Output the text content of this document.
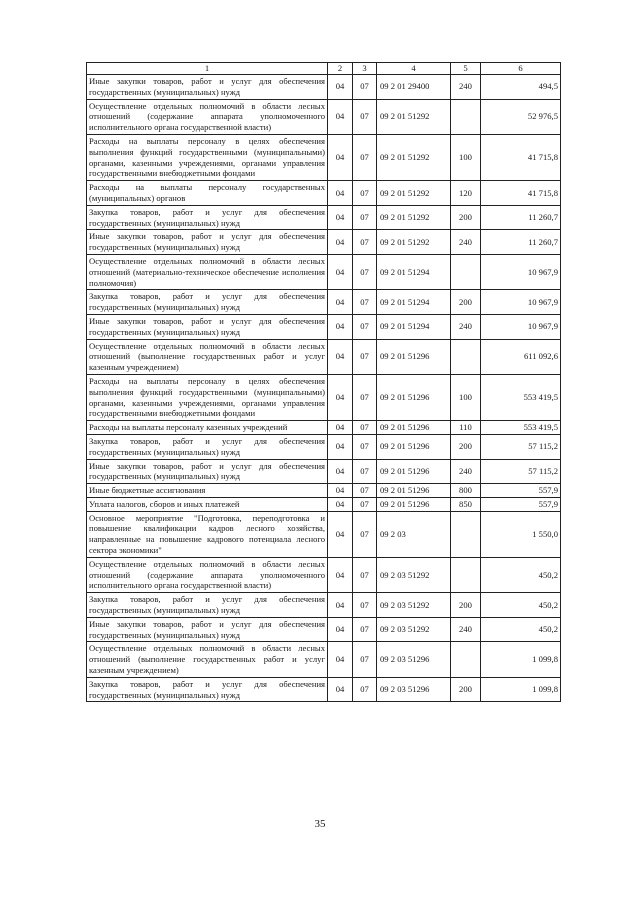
1	2	3	4	5	6
Иные закупки товаров, работ и услуг для обеспечения государственных (муниципальных) нужд	04	07	09 2 01 29400	240	494,5
Осуществление отдельных полномочий в области лесных отношений (содержание аппарата уполномоченного исполнительного органа государственной власти)	04	07	09 2 01 51292		52 976,5
Расходы на выплаты персоналу в целях обеспечения выполнения функций государственными (муниципальными) органами, казенными учреждениями, органами управления государственными внебюджетными фондами	04	07	09 2 01 51292	100	41 715,8
Расходы на выплаты персоналу государственных (муниципальных) органов	04	07	09 2 01 51292	120	41 715,8
Закупка товаров, работ и услуг для обеспечения государственных (муниципальных) нужд	04	07	09 2 01 51292	200	11 260,7
Иные закупки товаров, работ и услуг для обеспечения государственных (муниципальных) нужд	04	07	09 2 01 51292	240	11 260,7
Осуществление отдельных полномочий в области лесных отношений (материально-техническое обеспечение исполнения полномочия)	04	07	09 2 01 51294		10 967,9
Закупка товаров, работ и услуг для обеспечения государственных (муниципальных) нужд	04	07	09 2 01 51294	200	10 967,9
Иные закупки товаров, работ и услуг для обеспечения государственных (муниципальных) нужд	04	07	09 2 01 51294	240	10 967,9
Осуществление отдельных полномочий в области лесных отношений (выполнение государственных работ и услуг казенным учреждением)	04	07	09 2 01 51296		611 092,6
Расходы на выплаты персоналу в целях обеспечения выполнения функций государственными (муниципальными) органами, казенными учреждениями, органами управления государственными внебюджетными фондами	04	07	09 2 01 51296	100	553 419,5
Расходы на выплаты персоналу казенных учреждений	04	07	09 2 01 51296	110	553 419,5
Закупка товаров, работ и услуг для обеспечения государственных (муниципальных) нужд	04	07	09 2 01 51296	200	57 115,2
Иные закупки товаров, работ и услуг для обеспечения государственных (муниципальных) нужд	04	07	09 2 01 51296	240	57 115,2
Иные бюджетные ассигнования	04	07	09 2 01 51296	800	557,9
Уплата налогов, сборов и иных платежей	04	07	09 2 01 51296	850	557,9
Основное мероприятие "Подготовка, переподготовка и повышение квалификации кадров лесного хозяйства, направленные на повышение кадрового потенциала лесного сектора экономики"	04	07	09 2 03		1 550,0
Осуществление отдельных полномочий в области лесных отношений (содержание аппарата уполномоченного исполнительного органа государственной власти)	04	07	09 2 03 51292		450,2
Закупка товаров, работ и услуг для обеспечения государственных (муниципальных) нужд	04	07	09 2 03 51292	200	450,2
Иные закупки товаров, работ и услуг для обеспечения государственных (муниципальных) нужд	04	07	09 2 03 51292	240	450,2
Осуществление отдельных полномочий в области лесных отношений (выполнение государственных работ и услуг казенным учреждением)	04	07	09 2 03 51296		1 099,8
Закупка товаров, работ и услуг для обеспечения государственных (муниципальных) нужд	04	07	09 2 03 51296	200	1 099,8
35
